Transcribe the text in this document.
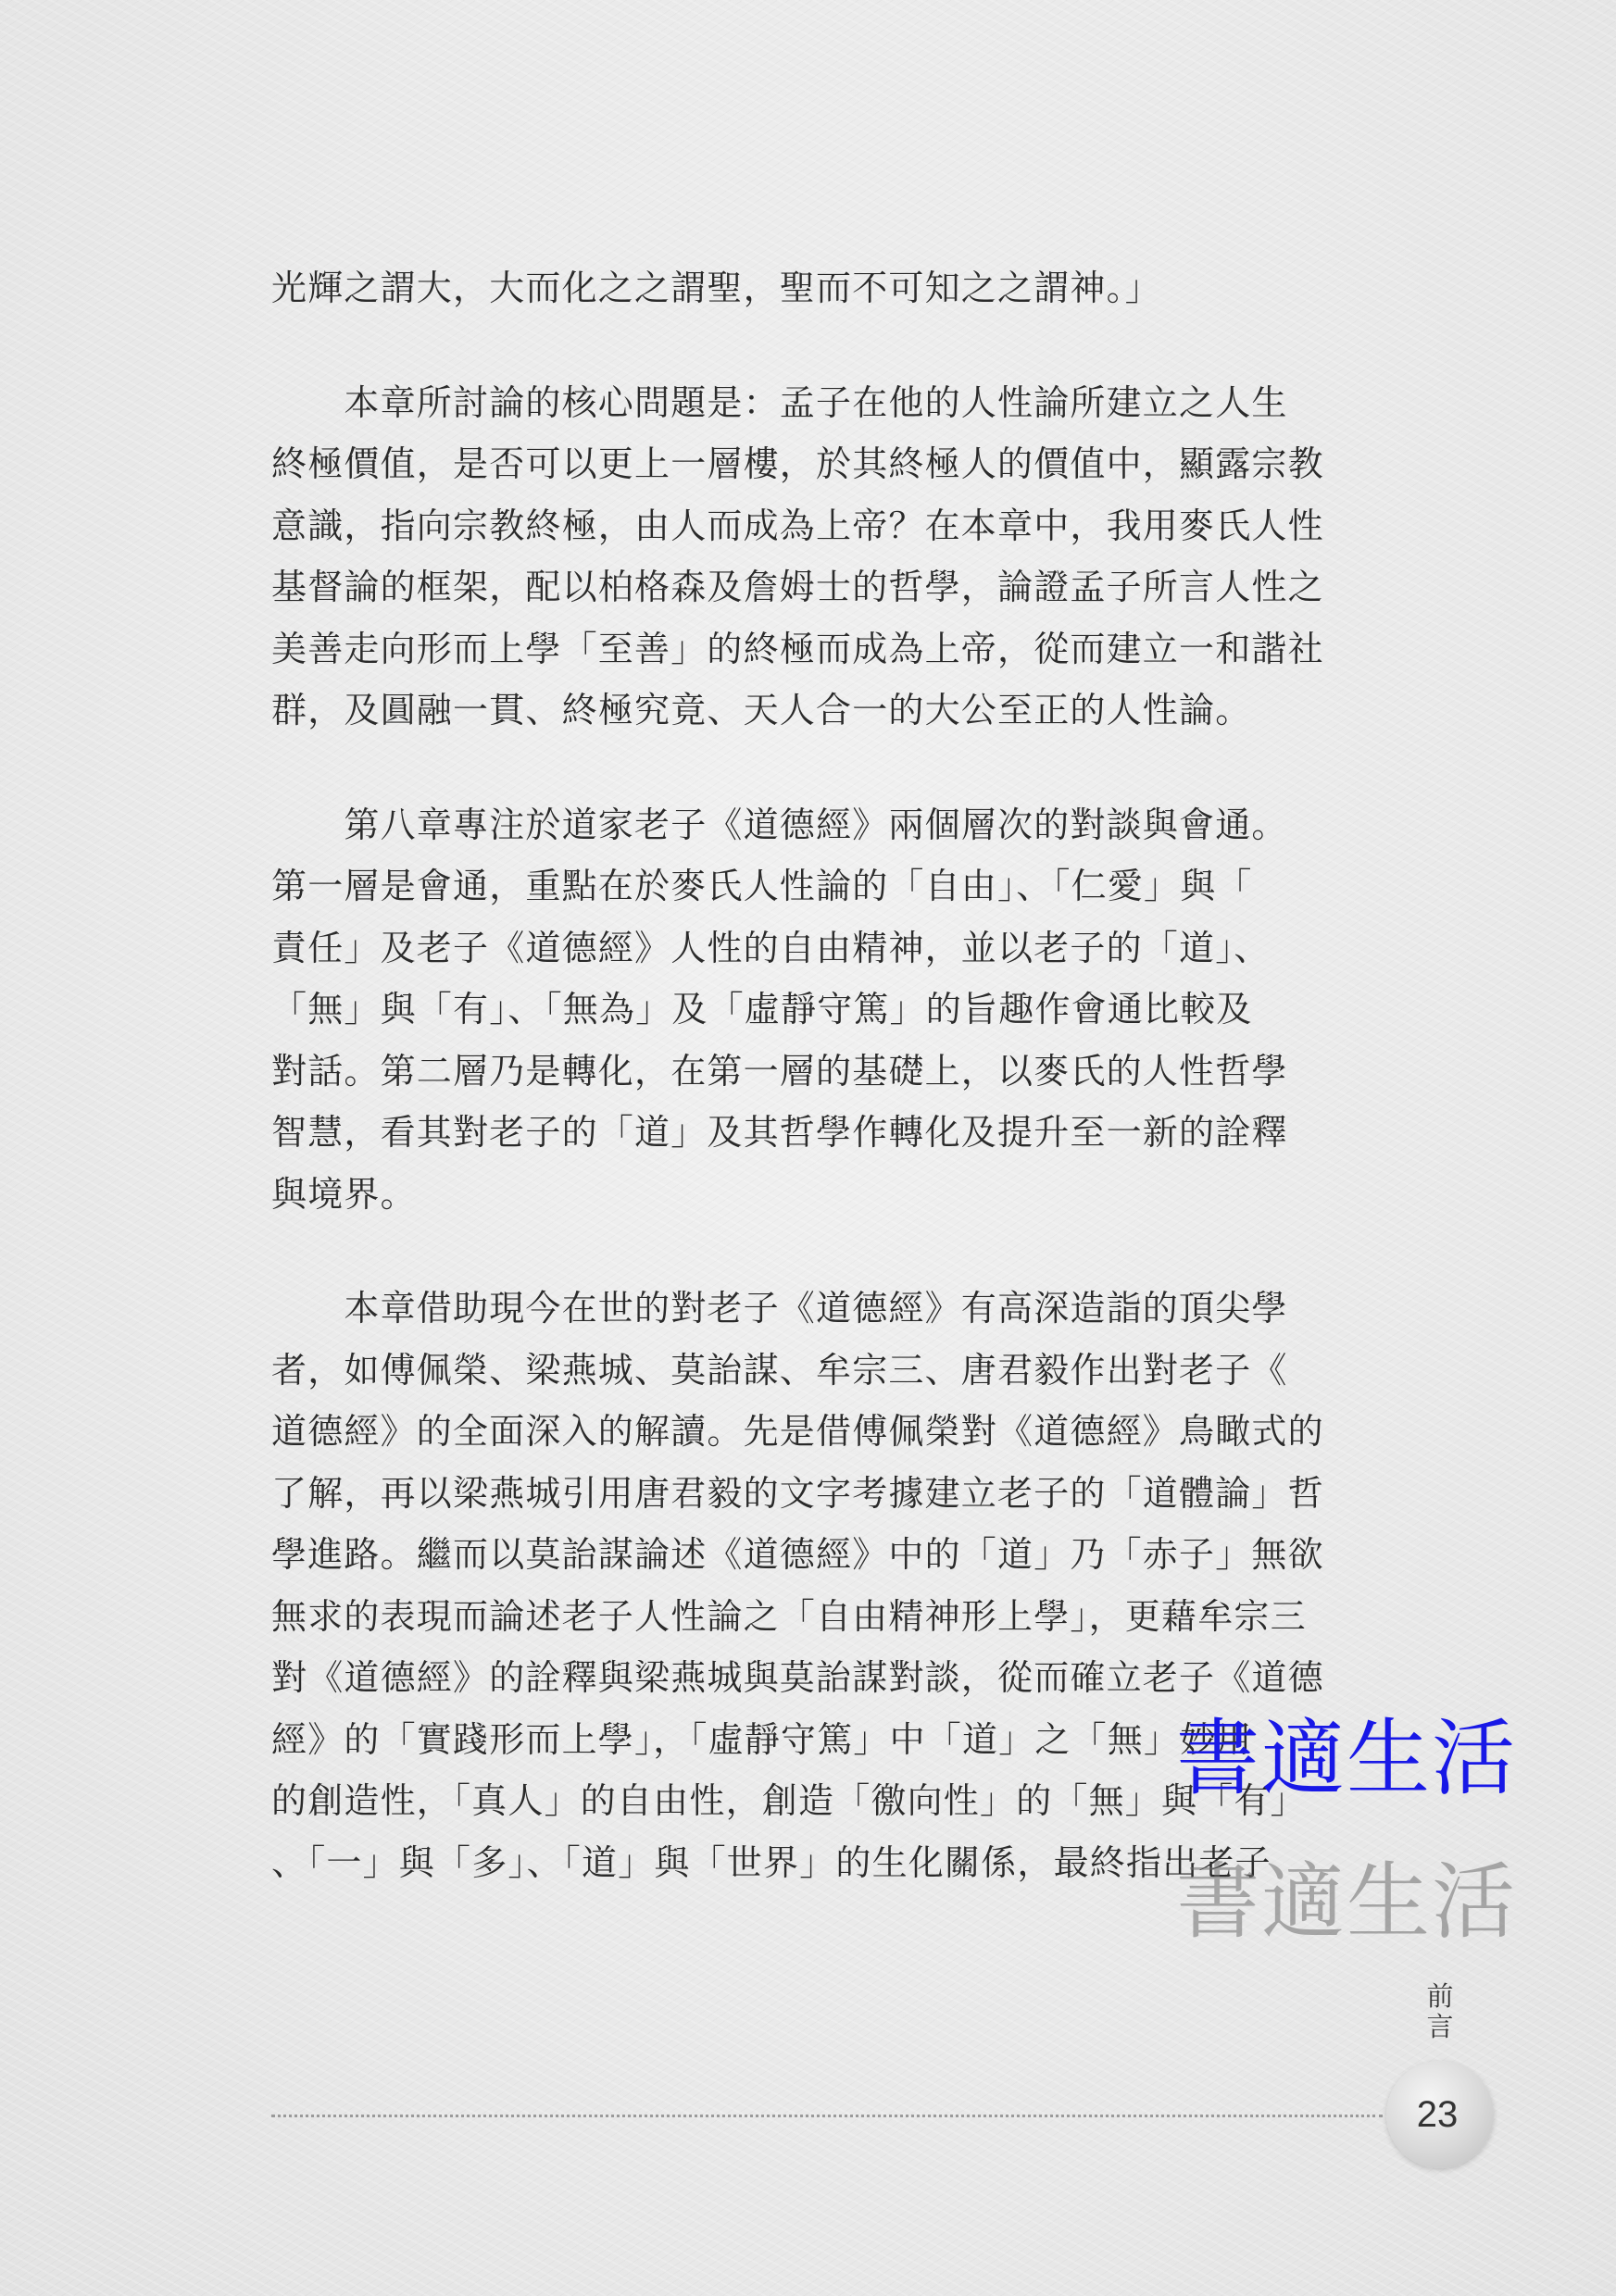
光輝之謂大，大而化之之謂聖，聖而不可知之之謂神。」
　　本章所討論的核心問題是：孟子在他的人性論所建立之人生
終極價值，是否可以更上一層樓，於其終極人的價值中，顯露宗教
意識，指向宗教終極，由人而成為上帝？在本章中，我用麥氏人性
基督論的框架，配以柏格森及詹姆士的哲學，論證孟子所言人性之
美善走向形而上學「至善」的終極而成為上帝，從而建立一和諧社
群，及圓融一貫、終極究竟、天人合一的大公至正的人性論。
　　第八章專注於道家老子《道德經》兩個層次的對談與會通。
第一層是會通，重點在於麥氏人性論的「自由」、「仁愛」與「
責任」及老子《道德經》人性的自由精神，並以老子的「道」、
「無」與「有」、「無為」及「虛靜守篤」的旨趣作會通比較及
對話。第二層乃是轉化，在第一層的基礎上，以麥氏的人性哲學
智慧，看其對老子的「道」及其哲學作轉化及提升至一新的詮釋
與境界。
　　本章借助現今在世的對老子《道德經》有高深造詣的頂尖學
者，如傅佩榮、梁燕城、莫詒謀、牟宗三、唐君毅作出對老子《
道德經》的全面深入的解讀。先是借傅佩榮對《道德經》鳥瞰式的
了解，再以梁燕城引用唐君毅的文字考據建立老子的「道體論」哲
學進路。繼而以莫詒謀論述《道德經》中的「道」乃「赤子」無欲
無求的表現而論述老子人性論之「自由精神形上學」，更藉牟宗三
對《道德經》的詮釋與梁燕城與莫詒謀對談，從而確立老子《道德
經》的「實踐形而上學」，「虛靜守篤」中「道」之「無」妙用
的創造性，「真人」的自由性，創造「徼向性」的「無」與「有」
、「一」與「多」、「道」與「世界」的生化關係，最終指出老子
書適生活
書適生活
前言
23
